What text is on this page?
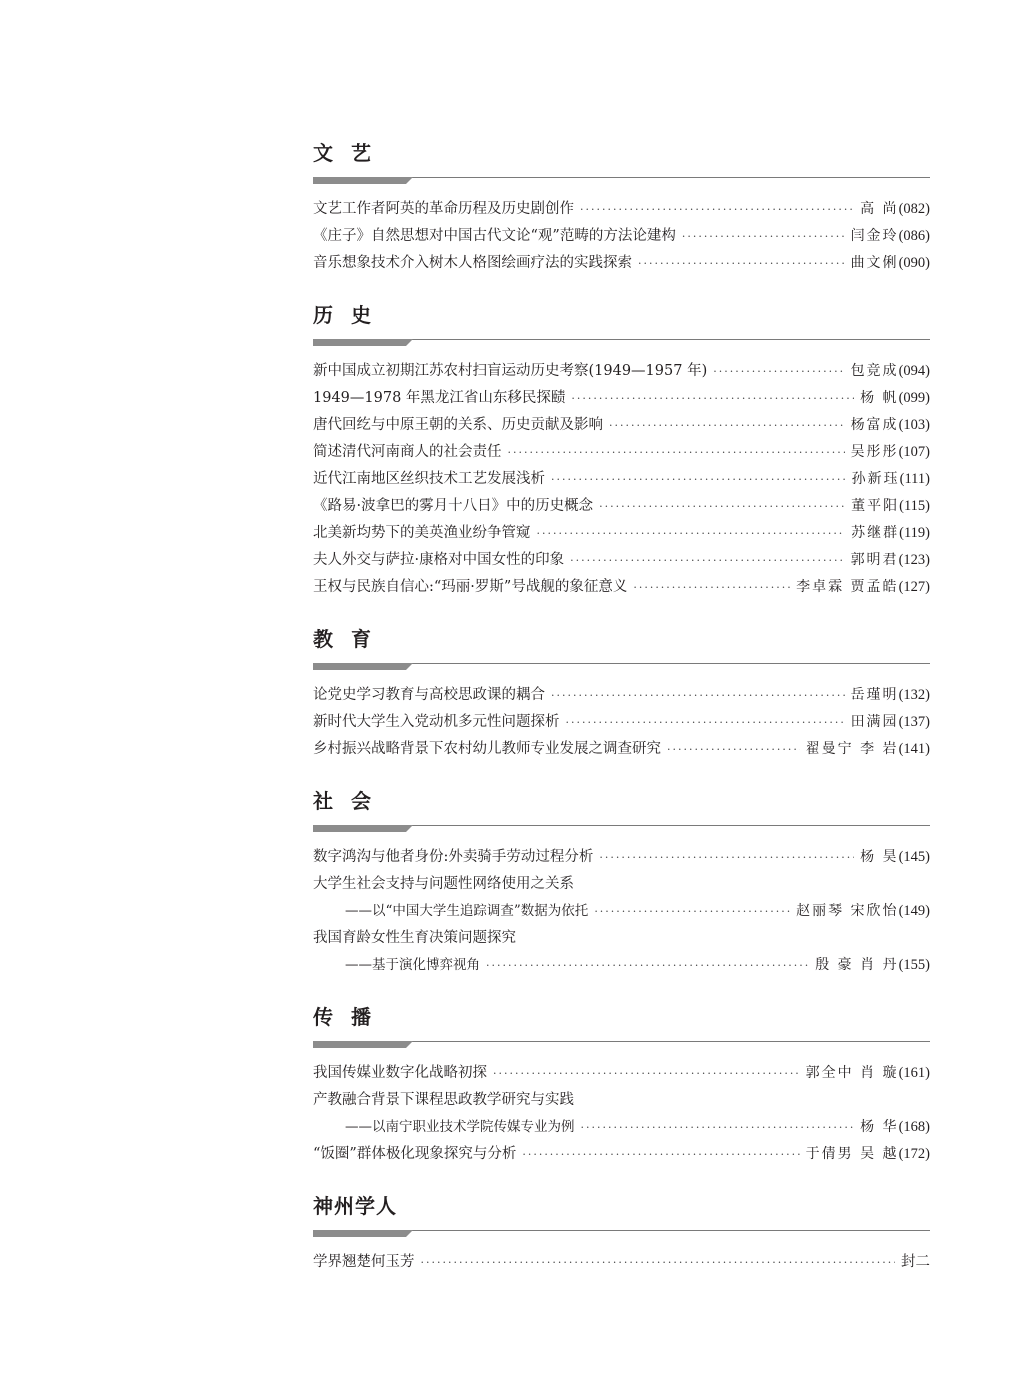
文艺
文艺工作者阿英的革命历程及历史剧创作 ·····	高 尚 ( 082 )
《庄子》自然思想对中国古代文论“观”范畴的方法论建构 ·····	闫金玲 ( 086 )
音乐想象技术介入树木人格图绘画疗法的实践探索 ·····	曲文俐 ( 090 )
历史
新中国成立初期江苏农村扫盲运动历史考察(1949—1957 年) ·····	包竞成 ( 094 )
1949—1978 年黑龙江省山东移民探赜 ·····	杨 帆 ( 099 )
唐代回纥与中原王朝的关系、历史贡献及影响 ·····	杨富成 ( 103 )
简述清代河南商人的社会责任 ·····	吴彤彤 ( 107 )
近代江南地区丝织技术工艺发展浅析 ·····	孙新珏 ( 111 )
《路易·波拿巴的雾月十八日》中的历史概念 ·····	董平阳 ( 115 )
北美新均势下的美英渔业纷争管窥 ·····	苏继群 ( 119 )
夫人外交与萨拉·康格对中国女性的印象 ·····	郭明君 ( 123 )
王权与民族自信心:“玛丽·罗斯”号战舰的象征意义 ·····	李卓霖 贾孟皓 ( 127 )
教育
论党史学习教育与高校思政课的耦合 ·····	岳瑾明 ( 132 )
新时代大学生入党动机多元性问题探析 ·····	田满园 ( 137 )
乡村振兴战略背景下农村幼儿教师专业发展之调查研究 ·····	翟曼宁 李 岩 ( 141 )
社会
数字鸿沟与他者身份:外卖骑手劳动过程分析 ·····	杨 昊 ( 145 )
大学生社会支持与问题性网络使用之关系
——以“中国大学生追踪调查”数据为依托 ·····	赵丽琴 宋欣怡 ( 149 )
我国育龄女性生育决策问题探究
——基于演化博弈视角 ·····	殷 豪 肖 丹 ( 155 )
传播
我国传媒业数字化战略初探 ·····	郭全中 肖 璇 ( 161 )
产教融合背景下课程思政教学研究与实践
——以南宁职业技术学院传媒专业为例 ·····	杨 华 ( 168 )
“饭圈”群体极化现象探究与分析 ·····	于倩男 吴 越 ( 172 )
神州学人
学界翘楚何玉芳 ·····	封二
